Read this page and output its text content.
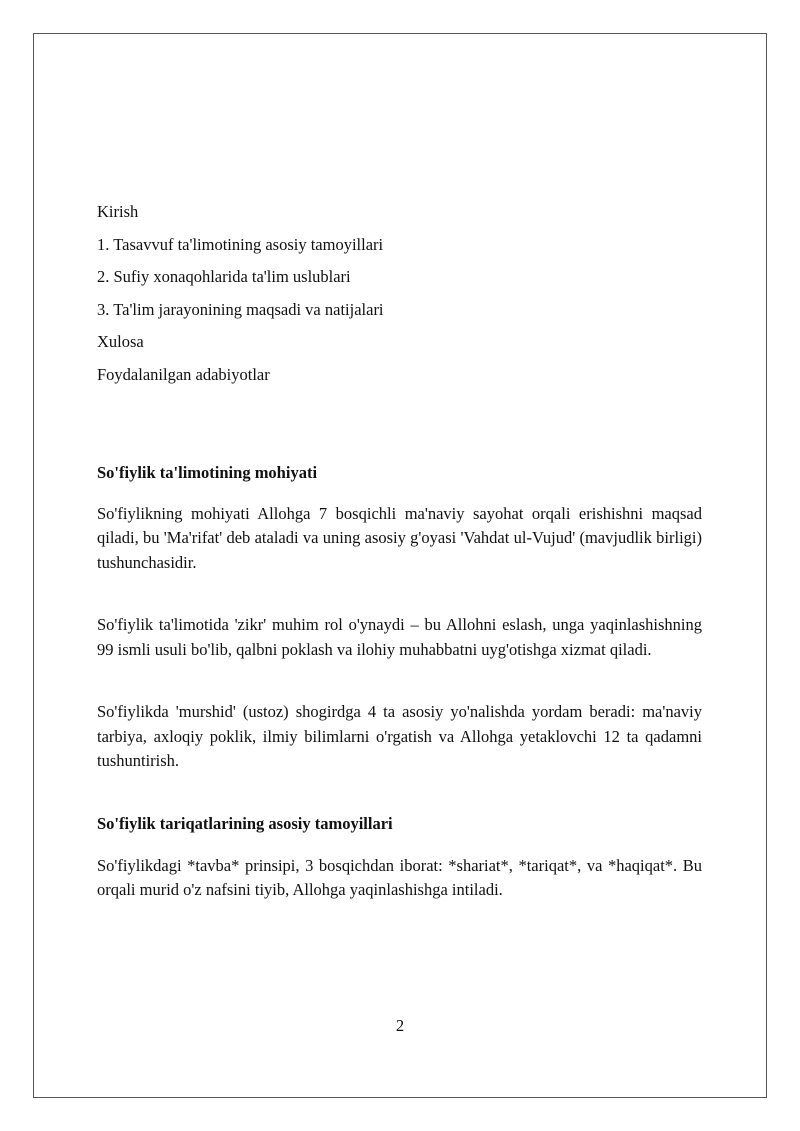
Kirish
1. Tasavvuf ta'limotining asosiy tamoyillari
2. Sufiy xonaqohlarida ta'lim uslublari
3. Ta'lim jarayonining maqsadi va natijalari
Xulosa
Foydalanilgan adabiyotlar
So'fiylik ta'limotining mohiyati

So'fiylikning mohiyati Allohga 7 bosqichli ma'naviy sayohat orqali erishishni maqsad qiladi, bu 'Ma'rifat' deb ataladi va uning asosiy g'oyasi 'Vahdat ul-Vujud' (mavjudlik birligi) tushunchasidir.

So'fiylik ta'limotida 'zikr' muhim rol o'ynaydi – bu Allohni eslash, unga yaqinlashishning 99 ismli usuli bo'lib, qalbni poklash va ilohiy muhabbatni uyg'otishga xizmat qiladi.

So'fiylikda 'murshid' (ustoz) shogirdga 4 ta asosiy yo'nalishda yordam beradi: ma'naviy tarbiya, axloqiy poklik, ilmiy bilimlarni o'rgatish va Allohga yetaklovchi 12 ta qadamni tushuntirish.

So'fiylik tariqatlarining asosiy tamoyillari

So'fiylikdagi *tavba* prinsipi, 3 bosqichdan iborat: *shariat*, *tariqat*, va *haqiqat*. Bu orqali murid o'z nafsini tiyib, Allohga yaqinlashishga intiladi.

2
